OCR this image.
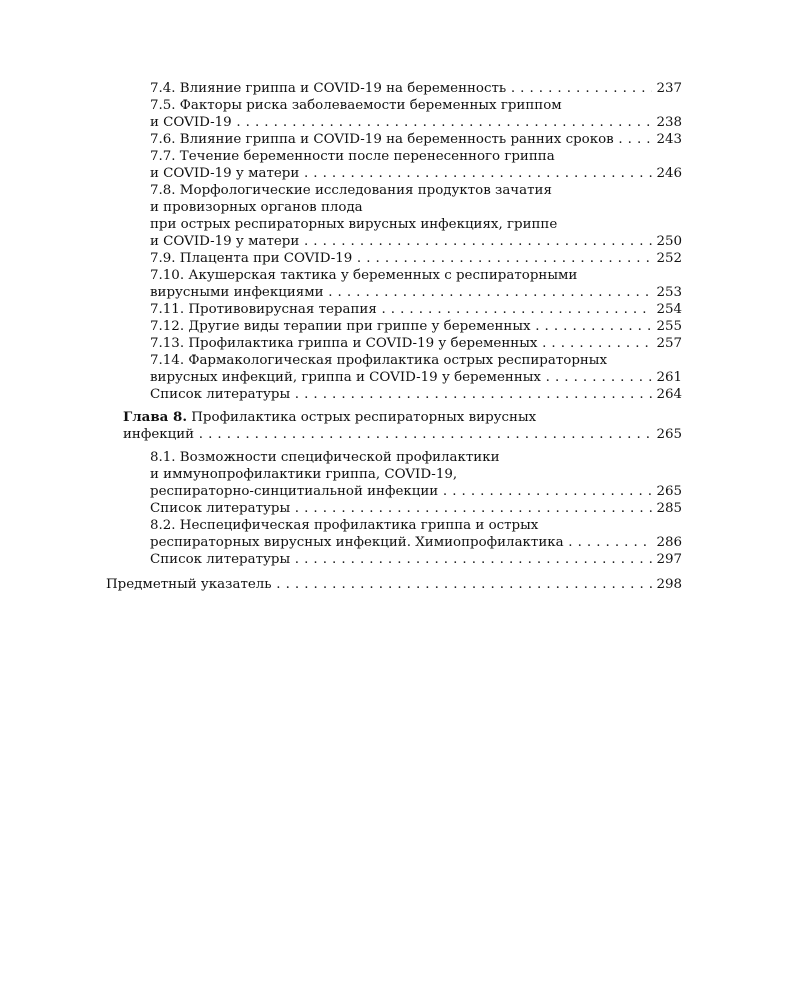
7.4. Влияние гриппа и COVID-19 на беременность	237
. . .
7.5. Факторы риска заболеваемости беременных гриппом
и COVID-19	238
. . .
7.6. Влияние гриппа и COVID-19 на беременность ранних сроков	243
. . .
7.7. Течение беременности после перенесенного гриппа
и COVID-19 у матери	246
. . .
7.8. Морфологические исследования продуктов зачатия
и провизорных органов плода
при острых респираторных вирусных инфекциях, гриппе
и COVID-19 у матери	250
. . .
7.9. Плацента при COVID-19	252
. . .
7.10. Акушерская тактика у беременных с респираторными
вирусными инфекциями	253
. . .
7.11. Противовирусная терапия	254
. . .
7.12. Другие виды терапии при гриппе у беременных	255
. . .
7.13. Профилактика гриппа и COVID-19 у беременных	257
. . .
7.14. Фармакологическая профилактика острых респираторных
вирусных инфекций, гриппа и COVID-19 у беременных	261
. . .
Список литературы	264
. . .
Глава 8. Профилактика острых респираторных вирусных
инфекций	265
. . .
8.1. Возможности специфической профилактики
и иммунопрофилактики гриппа, COVID-19,
респираторно-синцитиальной инфекции	265
. . .
Список литературы	285
. . .
8.2. Неспецифическая профилактика гриппа и острых
респираторных вирусных инфекций. Химиопрофилактика	286
. . .
Список литературы	297
. . .
Предметный указатель	298
. . .
